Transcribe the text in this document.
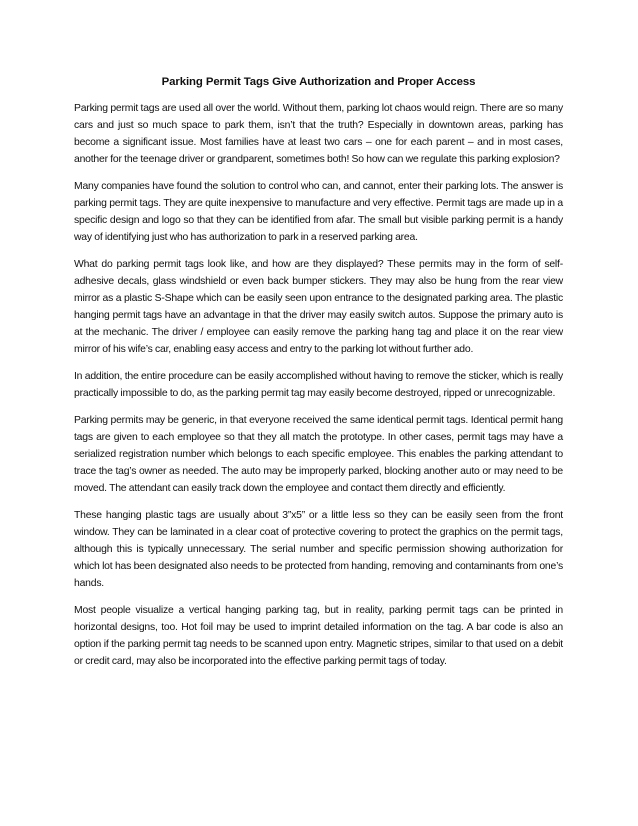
Parking Permit Tags Give Authorization and Proper Access

Parking permit tags are used all over the world. Without them, parking lot chaos would reign. There are so many cars and just so much space to park them, isn’t that the truth? Especially in downtown areas, parking has become a significant issue. Most families have at least two cars – one for each parent – and in most cases, another for the teenage driver or grandparent, sometimes both! So how can we regulate this parking explosion?

Many companies have found the solution to control who can, and cannot, enter their parking lots. The answer is parking permit tags. They are quite inexpensive to manufacture and very effective. Permit tags are made up in a specific design and logo so that they can be identified from afar. The small but visible parking permit is a handy way of identifying just who has authorization to park in a reserved parking area.

What do parking permit tags look like, and how are they displayed? These permits may in the form of self-adhesive decals, glass windshield or even back bumper stickers. They may also be hung from the rear view mirror as a plastic S-Shape which can be easily seen upon entrance to the designated parking area. The plastic hanging permit tags have an advantage in that the driver may easily switch autos. Suppose the primary auto is at the mechanic. The driver / employee can easily remove the parking hang tag and place it on the rear view mirror of his wife’s car, enabling easy access and entry to the parking lot without further ado.

In addition, the entire procedure can be easily accomplished without having to remove the sticker, which is really practically impossible to do, as the parking permit tag may easily become destroyed, ripped or unrecognizable.

Parking permits may be generic, in that everyone received the same identical permit tags. Identical permit hang tags are given to each employee so that they all match the prototype. In other cases, permit tags may have a serialized registration number which belongs to each specific employee. This enables the parking attendant to trace the tag’s owner as needed. The auto may be improperly parked, blocking another auto or may need to be moved. The attendant can easily track down the employee and contact them directly and efficiently.

These hanging plastic tags are usually about 3”x5” or a little less so they can be easily seen from the front window. They can be laminated in a clear coat of protective covering to protect the graphics on the permit tags, although this is typically unnecessary. The serial number and specific permission showing authorization for which lot has been designated also needs to be protected from handing, removing and contaminants from one’s hands.

Most people visualize a vertical hanging parking tag, but in reality, parking permit tags can be printed in horizontal designs, too. Hot foil may be used to imprint detailed information on the tag. A bar code is also an option if the parking permit tag needs to be scanned upon entry. Magnetic stripes, similar to that used on a debit or credit card, may also be incorporated into the effective parking permit tags of today.
